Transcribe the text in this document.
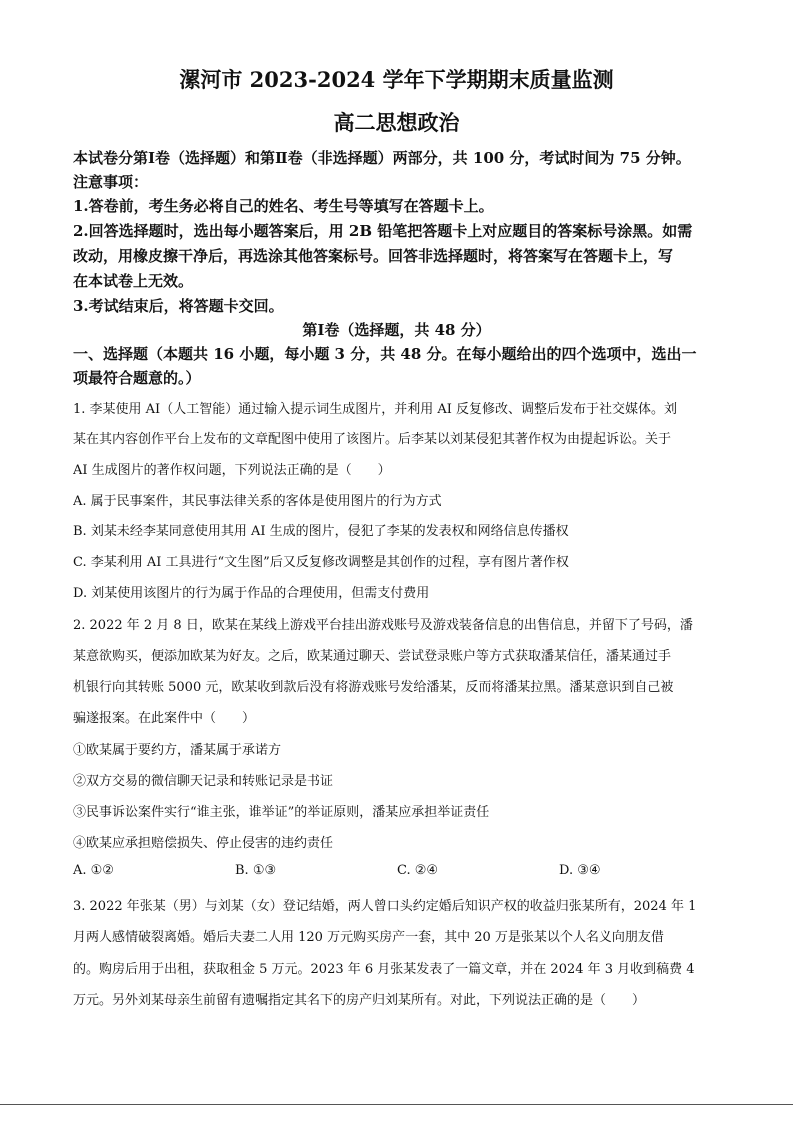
漯河市 2023-2024 学年下学期期末质量监测
高二思想政治
本试卷分第Ⅰ卷（选择题）和第Ⅱ卷（非选择题）两部分，共 100 分，考试时间为 75 分钟。
注意事项：
1.答卷前，考生务必将自己的姓名、考生号等填写在答题卡上。
2.回答选择题时，选出每小题答案后，用 2B 铅笔把答题卡上对应题目的答案标号涂黑。如需
改动，用橡皮擦干净后，再选涂其他答案标号。回答非选择题时，将答案写在答题卡上，写
在本试卷上无效。
3.考试结束后，将答题卡交回。
第Ⅰ卷（选择题，共 48 分）
一、选择题（本题共 16 小题，每小题 3 分，共 48 分。在每小题给出的四个选项中，选出一
项最符合题意的。）
1. 李某使用 AI（人工智能）通过输入提示词生成图片，并利用 AI 反复修改、调整后发布于社交媒体。刘
某在其内容创作平台上发布的文章配图中使用了该图片。后李某以刘某侵犯其著作权为由提起诉讼。关于
AI 生成图片的著作权问题，下列说法正确的是（　　）
A. 属于民事案件，其民事法律关系的客体是使用图片的行为方式
B. 刘某未经李某同意使用其用 AI 生成的图片，侵犯了李某的发表权和网络信息传播权
C. 李某利用 AI 工具进行“文生图”后又反复修改调整是其创作的过程，享有图片著作权
D. 刘某使用该图片的行为属于作品的合理使用，但需支付费用
2. 2022 年 2 月 8 日，欧某在某线上游戏平台挂出游戏账号及游戏装备信息的出售信息，并留下了号码，潘
某意欲购买，便添加欧某为好友。之后，欧某通过聊天、尝试登录账户等方式获取潘某信任，潘某通过手
机银行向其转账 5000 元，欧某收到款后没有将游戏账号发给潘某，反而将潘某拉黑。潘某意识到自己被
骗遂报案。在此案件中（　　）
①欧某属于要约方，潘某属于承诺方
②双方交易的微信聊天记录和转账记录是书证
③民事诉讼案件实行“谁主张，谁举证”的举证原则，潘某应承担举证责任
④欧某应承担赔偿损失、停止侵害的违约责任
A. ①②	B. ①③	C. ②④	D. ③④
3. 2022 年张某（男）与刘某（女）登记结婚，两人曾口头约定婚后知识产权的收益归张某所有，2024 年 1
月两人感情破裂离婚。婚后夫妻二人用 120 万元购买房产一套，其中 20 万是张某以个人名义向朋友借
的。购房后用于出租，获取租金 5 万元。2023 年 6 月张某发表了一篇文章，并在 2024 年 3 月收到稿费 4
万元。另外刘某母亲生前留有遗嘱指定其名下的房产归刘某所有。对此，下列说法正确的是（　　）
